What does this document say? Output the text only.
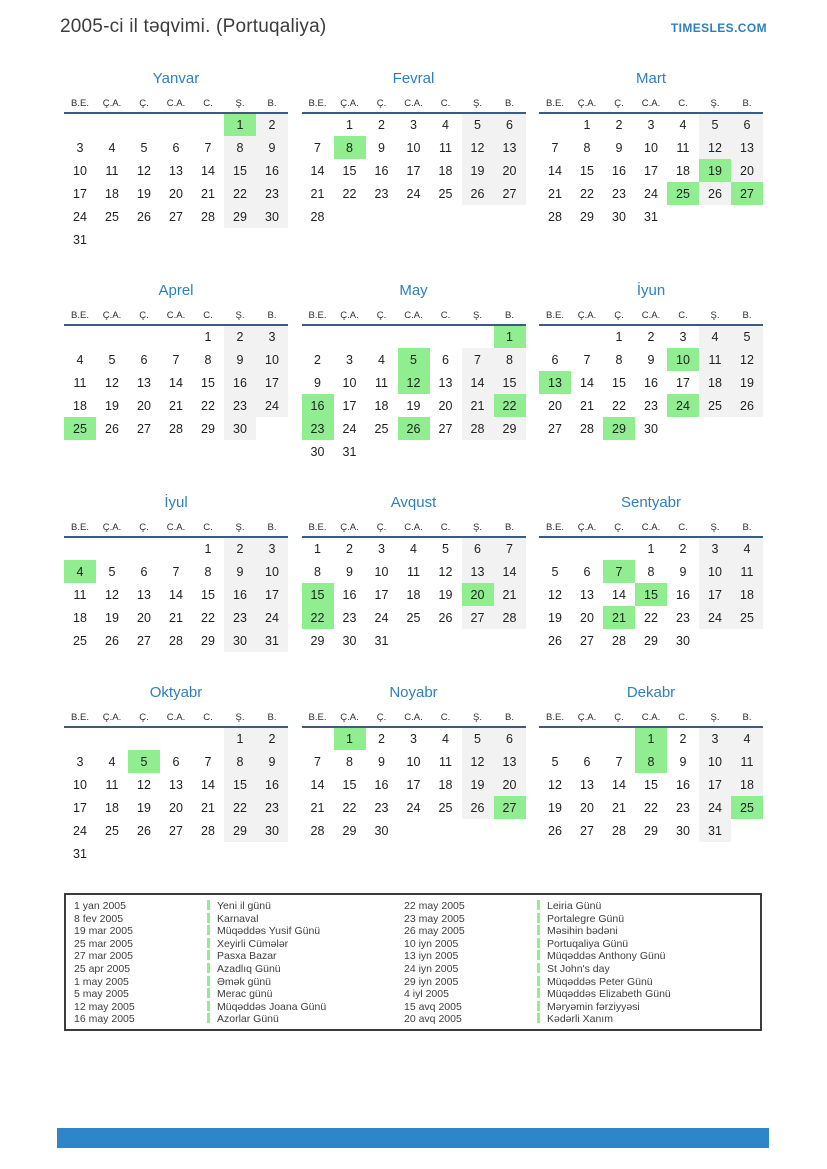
2005-ci il təqvimi. (Portuqaliya)	TIMESLES.COM
Yanvar
B.E.	Ç.A.	Ç.	C.A.	C.	Ş.	B.
					1	2
3	4	5	6	7	8	9
10	11	12	13	14	15	16
17	18	19	20	21	22	23
24	25	26	27	28	29	30
31						
Fevral
B.E.	Ç.A.	Ç.	C.A.	C.	Ş.	B.
	1	2	3	4	5	6
7	8	9	10	11	12	13
14	15	16	17	18	19	20
21	22	23	24	25	26	27
28						
Mart
B.E.	Ç.A.	Ç.	C.A.	C.	Ş.	B.
	1	2	3	4	5	6
7	8	9	10	11	12	13
14	15	16	17	18	19	20
21	22	23	24	25	26	27
28	29	30	31			
Aprel
B.E.	Ç.A.	Ç.	C.A.	C.	Ş.	B.
				1	2	3
4	5	6	7	8	9	10
11	12	13	14	15	16	17
18	19	20	21	22	23	24
25	26	27	28	29	30	
May
B.E.	Ç.A.	Ç.	C.A.	C.	Ş.	B.
						1
2	3	4	5	6	7	8
9	10	11	12	13	14	15
16	17	18	19	20	21	22
23	24	25	26	27	28	29
30	31					
İyun
B.E.	Ç.A.	Ç.	C.A.	C.	Ş.	B.
		1	2	3	4	5
6	7	8	9	10	11	12
13	14	15	16	17	18	19
20	21	22	23	24	25	26
27	28	29	30			
İyul
B.E.	Ç.A.	Ç.	C.A.	C.	Ş.	B.
				1	2	3
4	5	6	7	8	9	10
11	12	13	14	15	16	17
18	19	20	21	22	23	24
25	26	27	28	29	30	31
Avqust
B.E.	Ç.A.	Ç.	C.A.	C.	Ş.	B.
1	2	3	4	5	6	7
8	9	10	11	12	13	14
15	16	17	18	19	20	21
22	23	24	25	26	27	28
29	30	31				
Sentyabr
B.E.	Ç.A.	Ç.	C.A.	C.	Ş.	B.
			1	2	3	4
5	6	7	8	9	10	11
12	13	14	15	16	17	18
19	20	21	22	23	24	25
26	27	28	29	30		
Oktyabr
B.E.	Ç.A.	Ç.	C.A.	C.	Ş.	B.
					1	2
3	4	5	6	7	8	9
10	11	12	13	14	15	16
17	18	19	20	21	22	23
24	25	26	27	28	29	30
31						
Noyabr
B.E.	Ç.A.	Ç.	C.A.	C.	Ş.	B.
	1	2	3	4	5	6
7	8	9	10	11	12	13
14	15	16	17	18	19	20
21	22	23	24	25	26	27
28	29	30				
Dekabr
B.E.	Ç.A.	Ç.	C.A.	C.	Ş.	B.
			1	2	3	4
5	6	7	8	9	10	11
12	13	14	15	16	17	18
19	20	21	22	23	24	25
26	27	28	29	30	31	
1 yan 2005	Yeni il günü
8 fev 2005	Karnaval
19 mar 2005	Müqəddəs Yusif Günü
25 mar 2005	Xeyirli Cümələr
27 mar 2005	Pasxa Bazar
25 apr 2005	Azadlıq Günü
1 may 2005	Əmək günü
5 may 2005	Merac günü
12 may 2005	Müqəddəs Joana Günü
16 may 2005	Azorlar Günü
22 may 2005	Leiria Günü
23 may 2005	Portalegre Günü
26 may 2005	Məsihin bədəni
10 iyn 2005	Portuqaliya Günü
13 iyn 2005	Müqəddəs Anthony Günü
24 iyn 2005	St John's day
29 iyn 2005	Müqəddəs Peter Günü
4 iyl 2005	Müqəddəs Elizabeth Günü
15 avq 2005	Məryəmin fərziyyəsi
20 avq 2005	Kədərli Xanım
